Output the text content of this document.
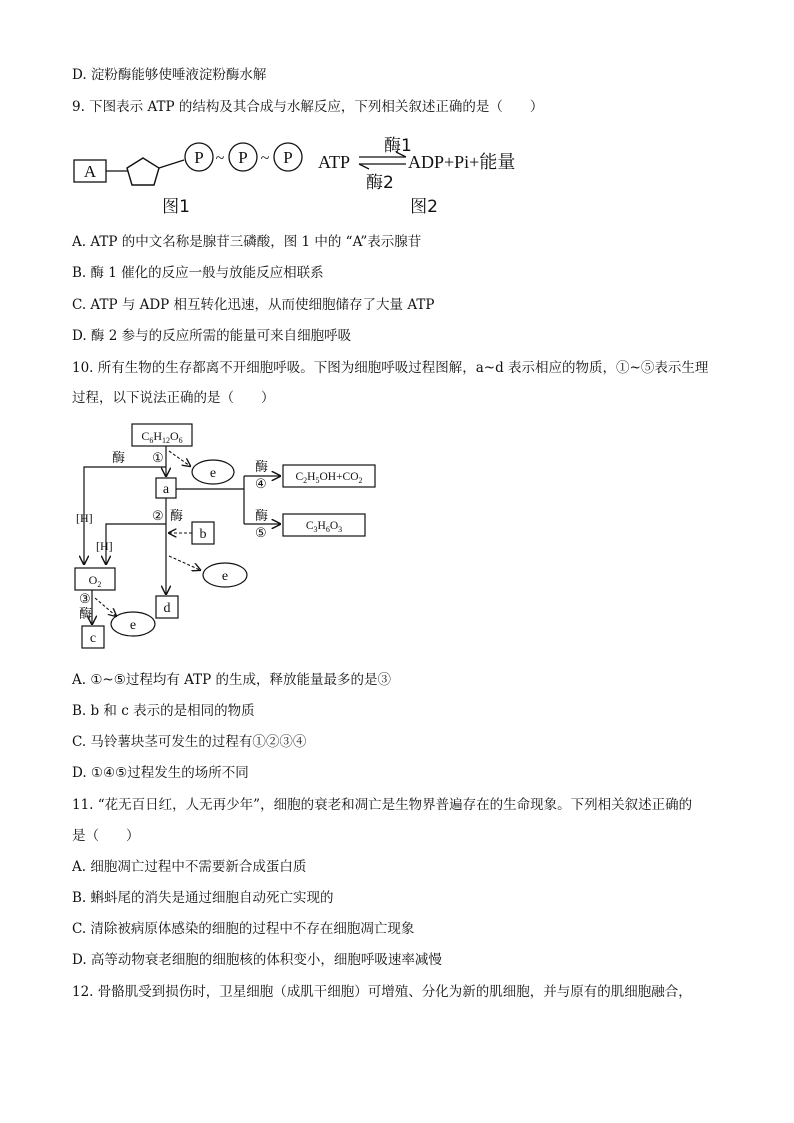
D. 淀粉酶能够使唾液淀粉酶水解
9. 下图表示 ATP 的结构及其合成与水解反应，下列相关叙述正确的是（　　）
A
P ~ P ~ P
图1
ATP
酶1
酶2
ADP+Pi+能量
图2
A. ATP 的中文名称是腺苷三磷酸，图 1 中的 “A”表示腺苷
B. 酶 1 催化的反应一般与放能反应相联系
C. ATP 与 ADP 相互转化迅速，从而使细胞储存了大量 ATP
D. 酶 2 参与的反应所需的能量可来自细胞呼吸
10. 所有生物的生存都离不开细胞呼吸。下图为细胞呼吸过程图解，a~d 表示相应的物质，①~⑤表示生理
过程，以下说法正确的是（　　）
$C_6H_{12}O_6$
酶 ①
e
[H]
a
酶
④
酶
⑤
$C_2H_5OH+CO_2$
$C_3H_6O_3$
② 酶
[H]
b
e
d
$O_2$
③
酶
e
c
A. ①~⑤过程均有 ATP 的生成，释放能量最多的是③
B. b 和 c 表示的是相同的物质
C. 马铃薯块茎可发生的过程有①②③④
D. ①④⑤过程发生的场所不同
11. “花无百日红，人无再少年”，细胞的衰老和凋亡是生物界普遍存在的生命现象。下列相关叙述正确的
是（　　）
A. 细胞凋亡过程中不需要新合成蛋白质
B. 蝌蚪尾的消失是通过细胞自动死亡实现的
C. 清除被病原体感染的细胞的过程中不存在细胞凋亡现象
D. 高等动物衰老细胞的细胞核的体积变小，细胞呼吸速率减慢
12. 骨骼肌受到损伤时，卫星细胞（成肌干细胞）可增殖、分化为新的肌细胞，并与原有的肌细胞融合，
